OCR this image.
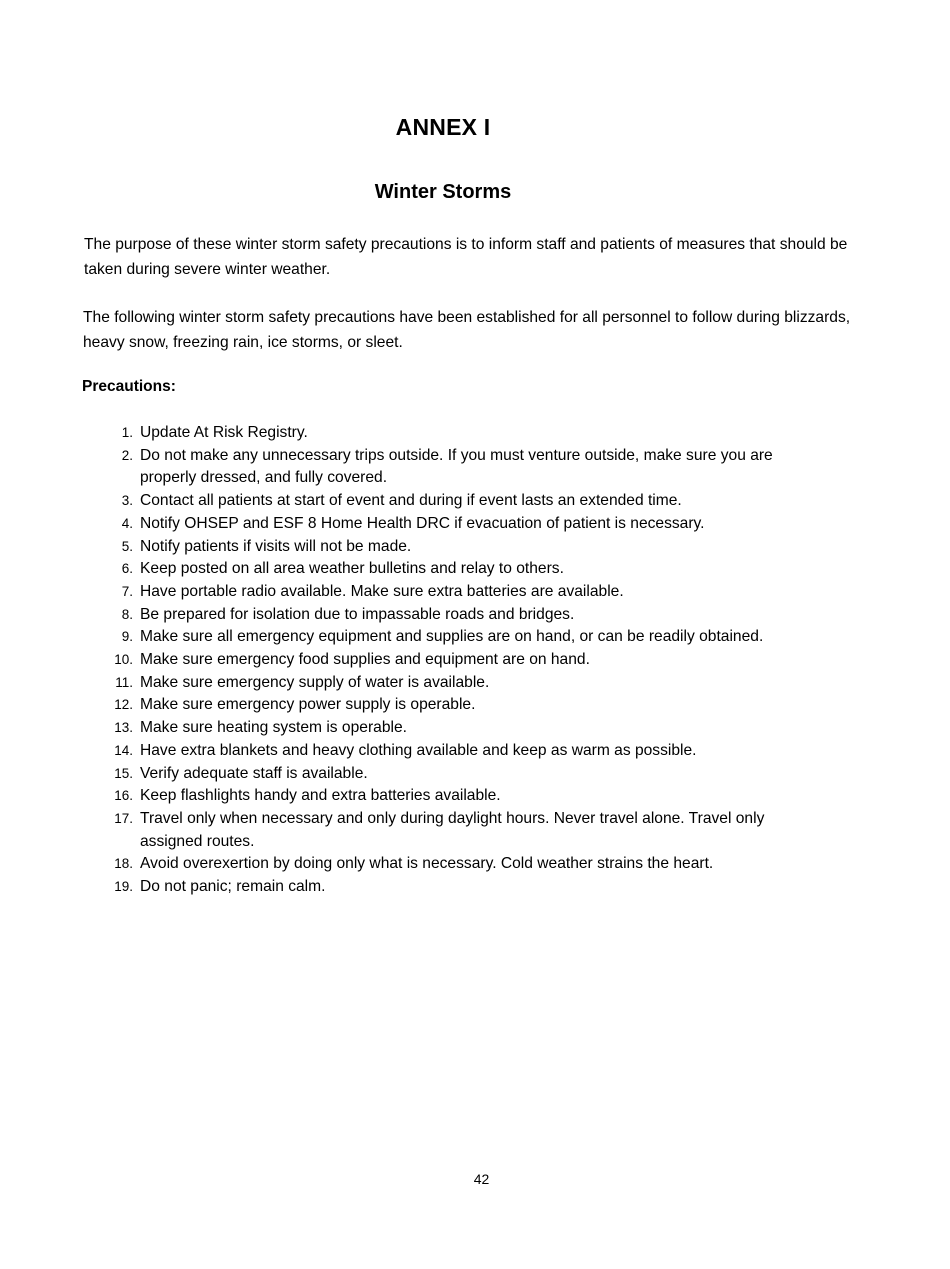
ANNEX I
Winter Storms

The purpose of these winter storm safety precautions is to inform staff and patients of measures that should be taken during severe winter weather.

The following winter storm safety precautions have been established for all personnel to follow during blizzards, heavy snow, freezing rain, ice storms, or sleet.

Precautions:
1. Update At Risk Registry.
2. Do not make any unnecessary trips outside. If you must venture outside, make sure you are properly dressed, and fully covered.
3. Contact all patients at start of event and during if event lasts an extended time.
4. Notify OHSEP and ESF 8 Home Health DRC if evacuation of patient is necessary.
5. Notify patients if visits will not be made.
6. Keep posted on all area weather bulletins and relay to others.
7. Have portable radio available. Make sure extra batteries are available.
8. Be prepared for isolation due to impassable roads and bridges.
9. Make sure all emergency equipment and supplies are on hand, or can be readily obtained.
10. Make sure emergency food supplies and equipment are on hand.
11. Make sure emergency supply of water is available.
12. Make sure emergency power supply is operable.
13. Make sure heating system is operable.
14. Have extra blankets and heavy clothing available and keep as warm as possible.
15. Verify adequate staff is available.
16. Keep flashlights handy and extra batteries available.
17. Travel only when necessary and only during daylight hours. Never travel alone. Travel only assigned routes.
18. Avoid overexertion by doing only what is necessary. Cold weather strains the heart.
19. Do not panic; remain calm.
42
